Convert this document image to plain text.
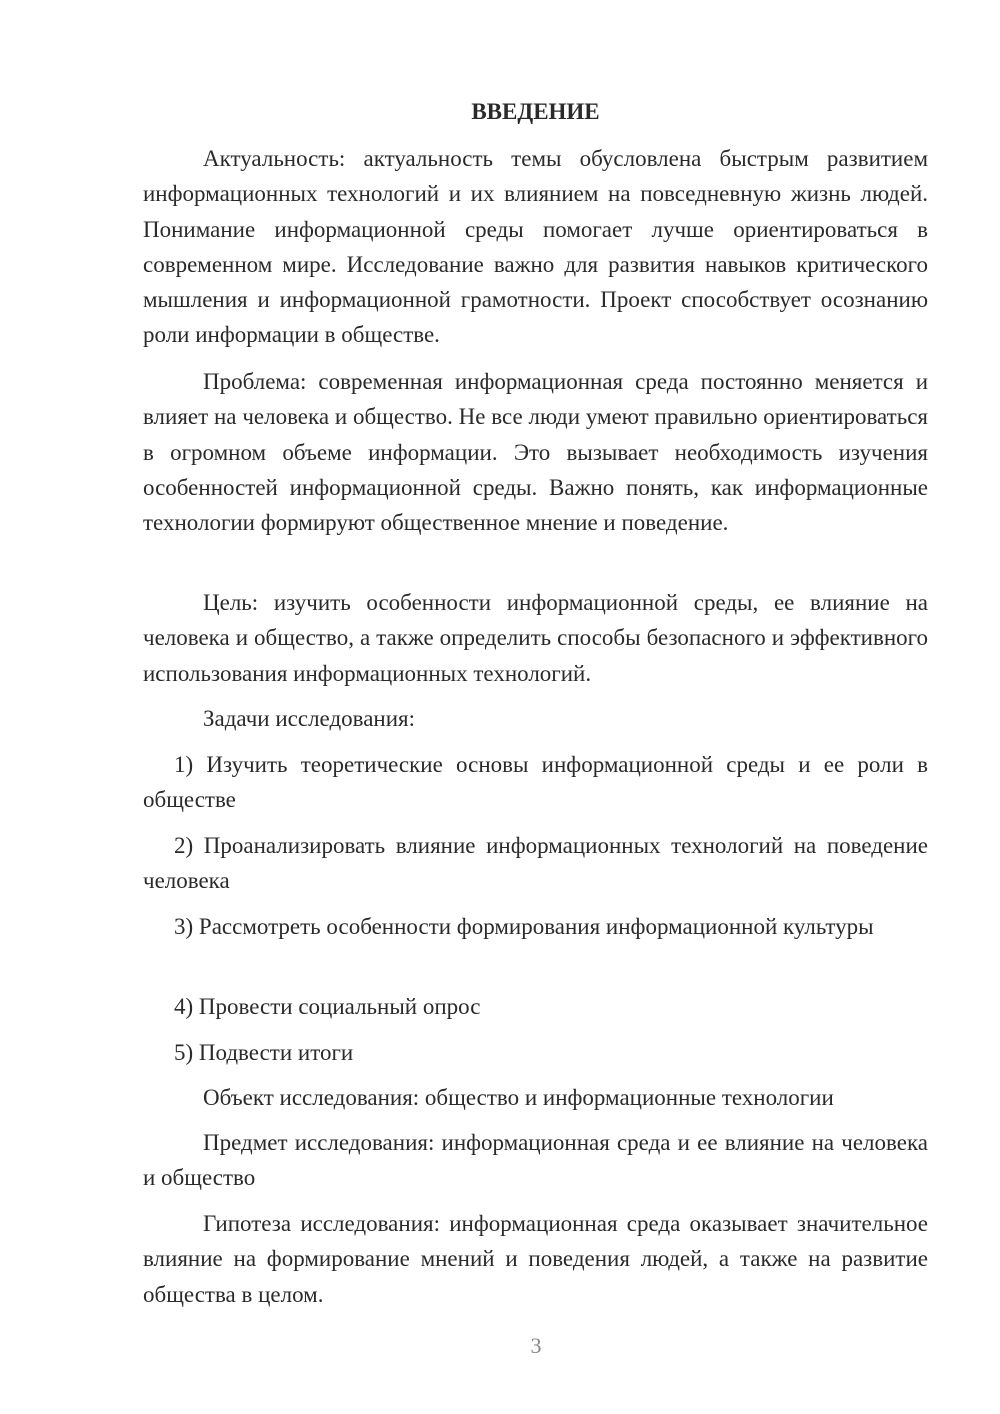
ВВЕДЕНИЕ

Актуальность: актуальность темы обусловлена быстрым развитием информационных технологий и их влиянием на повседневную жизнь людей. Понимание информационной среды помогает лучше ориентироваться в современном мире. Исследование важно для развития навыков критического мышления и информационной грамотности. Проект способствует осознанию роли информации в обществе.

Проблема: современная информационная среда постоянно меняется и влияет на человека и общество. Не все люди умеют правильно ориентироваться в огромном объеме информации. Это вызывает необходимость изучения особенностей информационной среды. Важно понять, как информационные технологии формируют общественное мнение и поведение.

Цель: изучить особенности информационной среды, ее влияние на человека и общество, а также определить способы безопасного и эффективного использования информационных технологий.

Задачи исследования:

1) Изучить теоретические основы информационной среды и ее роли в обществе

2) Проанализировать влияние информационных технологий на поведение человека

3) Рассмотреть особенности формирования информационной культуры

4) Провести социальный опрос

5) Подвести итоги

Объект исследования: общество и информационные технологии

Предмет исследования: информационная среда и ее влияние на человека и общество

Гипотеза исследования: информационная среда оказывает значительное влияние на формирование мнений и поведения людей, а также на развитие общества в целом.

3
